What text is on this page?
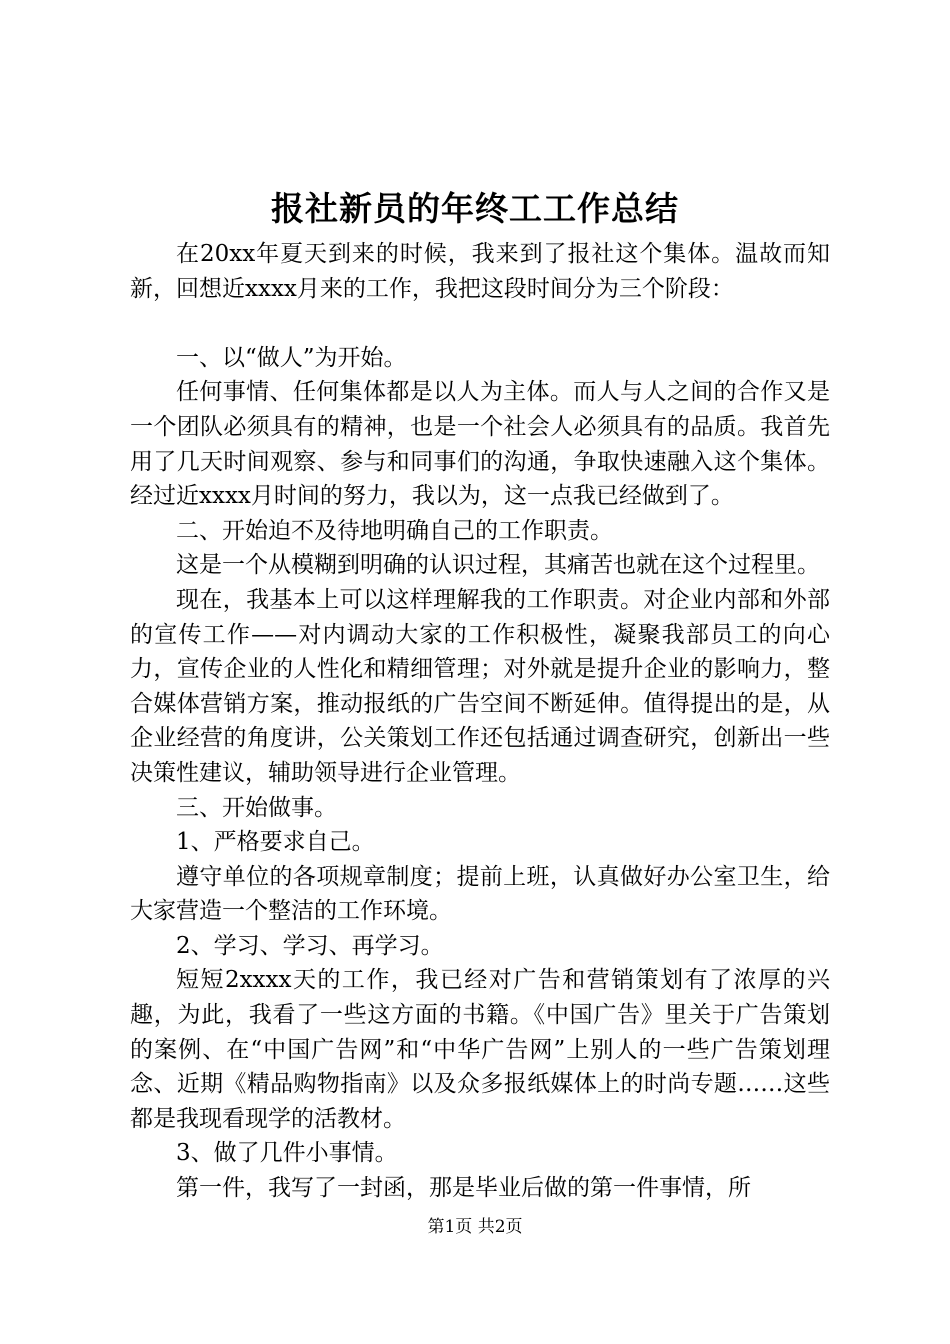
报社新员的年终工工作总结

在20xx年夏天到来的时候，我来到了报社这个集体。温故而知新，回想近xxxx月来的工作，我把这段时间分为三个阶段：

一、以“做人”为开始。

任何事情、任何集体都是以人为主体。而人与人之间的合作又是一个团队必须具有的精神，也是一个社会人必须具有的品质。我首先用了几天时间观察、参与和同事们的沟通，争取快速融入这个集体。经过近xxxx月时间的努力，我以为，这一点我已经做到了。

二、开始迫不及待地明确自己的工作职责。

这是一个从模糊到明确的认识过程，其痛苦也就在这个过程里。

现在，我基本上可以这样理解我的工作职责。对企业内部和外部的宣传工作——对内调动大家的工作积极性，凝聚我部员工的向心力，宣传企业的人性化和精细管理；对外就是提升企业的影响力，整合媒体营销方案，推动报纸的广告空间不断延伸。值得提出的是，从企业经营的角度讲，公关策划工作还包括通过调查研究，创新出一些决策性建议，辅助领导进行企业管理。

三、开始做事。

1、严格要求自己。

遵守单位的各项规章制度；提前上班，认真做好办公室卫生，给大家营造一个整洁的工作环境。

2、学习、学习、再学习。

短短2xxxx天的工作，我已经对广告和营销策划有了浓厚的兴趣，为此，我看了一些这方面的书籍。《中国广告》里关于广告策划的案例、在“中国广告网”和“中华广告网”上别人的一些广告策划理念、近期《精品购物指南》以及众多报纸媒体上的时尚专题……这些都是我现看现学的活教材。

3、做了几件小事情。

第一件，我写了一封函，那是毕业后做的第一件事情，所

第1页 共2页
